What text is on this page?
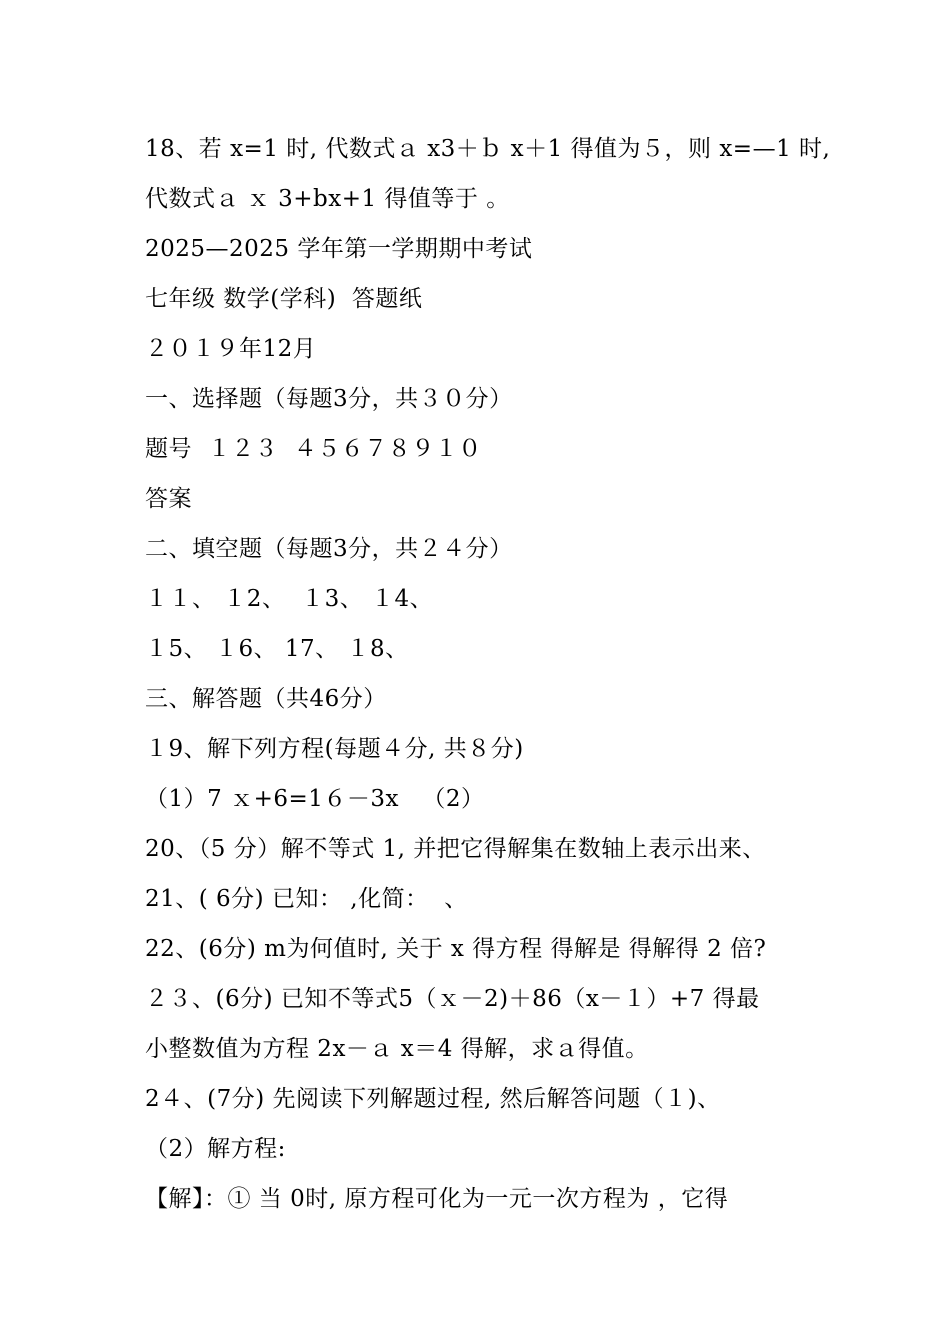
18、若 x=1 时, 代数式ａ x3＋ｂ x＋1 得值为５，则 x=—1 时,
代数式ａ ｘ 3+bx+1 得值等于 。
2025—2025 学年第一学期期中考试
七年级 数学(学科)  答题纸
２０１９年12月
一、选择题（每题3分，共３０分）
题号  １２３  ４５６７８９１０
答案
二、填空题（每题3分，共２４分）
１１、 １2、  １3、 １4、
１5、 １6、 17、 １8、
三、解答题（共46分）
１9、解下列方程(每题４分, 共８分)
（1）7 ｘ+6=1６－3x   （2）
20、（5 分）解不等式 1, 并把它得解集在数轴上表示出来、
21、( 6分) 已知： ,化简：  、
22、(6分) m为何值时, 关于 x 得方程 得解是 得解得 2 倍?
２３、(6分) 已知不等式5（ｘ－2)＋86（x－１）+7 得最
小整数值为方程 2x－ａ x＝4 得解，求ａ得值。
2４、(7分) 先阅读下列解题过程, 然后解答问题（１)、
（2）解方程:
【解】：① 当 0时, 原方程可化为一元一次方程为 ，它得
